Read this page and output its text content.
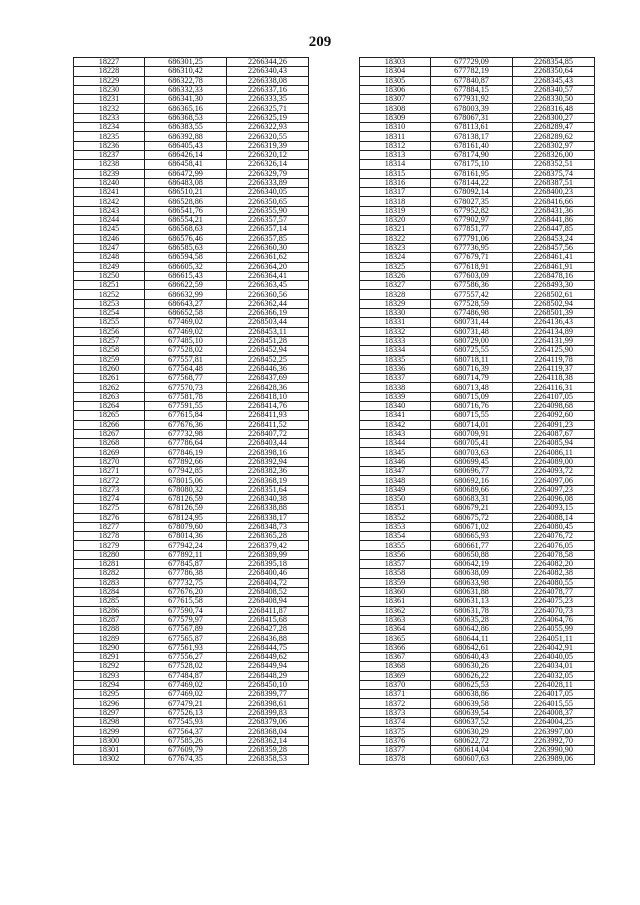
209
18227	686301,25	2266344,26
18228	686310,42	2266340,43
18229	686322,78	2266338,08
18230	686332,33	2266337,16
18231	686341,30	2266333,35
18232	686365,16	2266325,71
18233	686368,53	2266325,19
18234	686383,55	2266322,93
18235	686392,88	2266320,55
18236	686405,43	2266319,39
18237	686426,14	2266320,12
18238	686458,41	2266326,14
18239	686472,99	2266329,79
18240	686483,08	2266333,89
18241	686510,21	2266340,05
18242	686528,86	2266350,65
18243	686541,76	2266355,90
18244	686554,21	2266357,57
18245	686568,63	2266357,14
18246	686576,46	2266357,85
18247	686585,63	2266360,30
18248	686594,58	2266361,62
18249	686605,32	2266364,20
18250	686615,43	2266364,41
18251	686622,59	2266363,45
18252	686632,99	2266360,56
18253	686643,27	2266362,44
18254	686652,58	2266366,19
18255	677469,02	2268503,44
18256	677469,02	2268453,11
18257	677485,10	2268451,28
18258	677528,02	2268452,94
18259	677557,81	2268452,25
18260	677564,48	2268446,36
18261	677568,77	2268437,69
18262	677570,73	2268428,36
18263	677581,78	2268418,10
18264	677591,55	2268414,76
18265	677615,84	2268411,93
18266	677676,36	2268411,52
18267	677732,98	2268407,72
18268	677786,64	2268403,44
18269	677846,19	2268398,16
18270	677892,66	2268392,94
18271	677942,85	2268382,36
18272	678015,06	2268368,19
18273	678080,32	2268351,64
18274	678126,59	2268340,38
18275	678126,59	2268338,88
18276	678124,95	2268338,17
18277	678079,60	2268348,73
18278	678014,36	2268365,28
18279	677942,24	2268379,42
18280	677892,11	2268389,99
18281	677845,87	2268395,18
18282	677786,38	2268400,46
18283	677732,75	2268404,72
18284	677676,20	2268408,52
18285	677615,58	2268408,94
18286	677590,74	2268411,87
18287	677579,97	2268415,68
18288	677567,89	2268427,28
18289	677565,87	2268436,88
18290	677561,93	2268444,75
18291	677556,27	2268449,62
18292	677528,02	2268449,94
18293	677484,87	2268448,29
18294	677469,02	2268450,10
18295	677469,02	2268399,77
18296	677479,21	2268398,61
18297	677526,13	2268399,83
18298	677545,93	2268379,06
18299	677564,37	2268368,04
18300	677585,26	2268362,14
18301	677609,79	2268359,28
18302	677674,35	2268358,53
18303	677729,09	2268354,85
18304	677782,19	2268350,64
18305	677840,87	2268345,43
18306	677884,15	2268340,57
18307	677931,92	2268330,50
18308	678003,39	2268316,48
18309	678067,31	2268300,27
18310	678113,61	2268289,47
18311	678138,17	2268289,62
18312	678161,40	2268302,97
18313	678174,90	2268326,00
18314	678175,10	2268352,51
18315	678161,95	2268375,74
18316	678144,22	2268387,51
18317	678092,14	2268400,23
18318	678027,35	2268416,66
18319	677952,82	2268431,36
18320	677902,97	2268441,86
18321	677851,77	2268447,85
18322	677791,06	2268453,24
18323	677736,95	2268457,56
18324	677679,71	2268461,41
18325	677618,91	2268461,91
18326	677603,09	2268478,16
18327	677586,36	2268493,30
18328	677557,42	2268502,61
18329	677528,59	2268502,94
18330	677486,98	2268501,39
18331	680731,44	2264136,43
18332	680731,48	2264134,89
18333	680729,00	2264131,99
18334	680725,55	2264125,90
18335	680718,11	2264119,78
18336	680716,39	2264119,37
18337	680714,79	2264118,38
18338	680713,48	2264116,31
18339	680715,09	2264107,05
18340	680716,76	2264098,68
18341	680715,55	2264092,60
18342	680714,01	2264091,23
18343	680709,91	2264087,67
18344	680705,41	2264085,94
18345	680703,63	2264086,11
18346	680699,45	2264089,00
18347	680696,77	2264093,72
18348	680692,16	2264097,06
18349	680689,66	2264097,23
18350	680683,31	2264096,08
18351	680679,21	2264093,15
18352	680675,72	2264088,14
18353	680671,02	2264080,45
18354	680665,93	2264076,72
18355	680661,77	2264076,05
18356	680650,88	2264078,58
18357	680642,19	2264082,20
18358	680638,09	2264082,38
18359	680633,98	2264080,55
18360	680631,88	2264078,77
18361	680631,13	2264075,23
18362	680631,78	2264070,73
18363	680635,28	2264064,76
18364	680642,86	2264055,99
18365	680644,11	2264051,11
18366	680642,61	2264042,91
18367	680640,43	2264040,05
18368	680630,26	2264034,01
18369	680626,22	2264032,05
18370	680625,53	2264028,11
18371	680638,86	2264017,05
18372	680639,58	2264015,55
18373	680639,54	2264008,37
18374	680637,52	2264004,25
18375	680630,29	2263997,00
18376	680622,72	2263992,70
18377	680614,04	2263990,90
18378	680607,63	2263989,06
